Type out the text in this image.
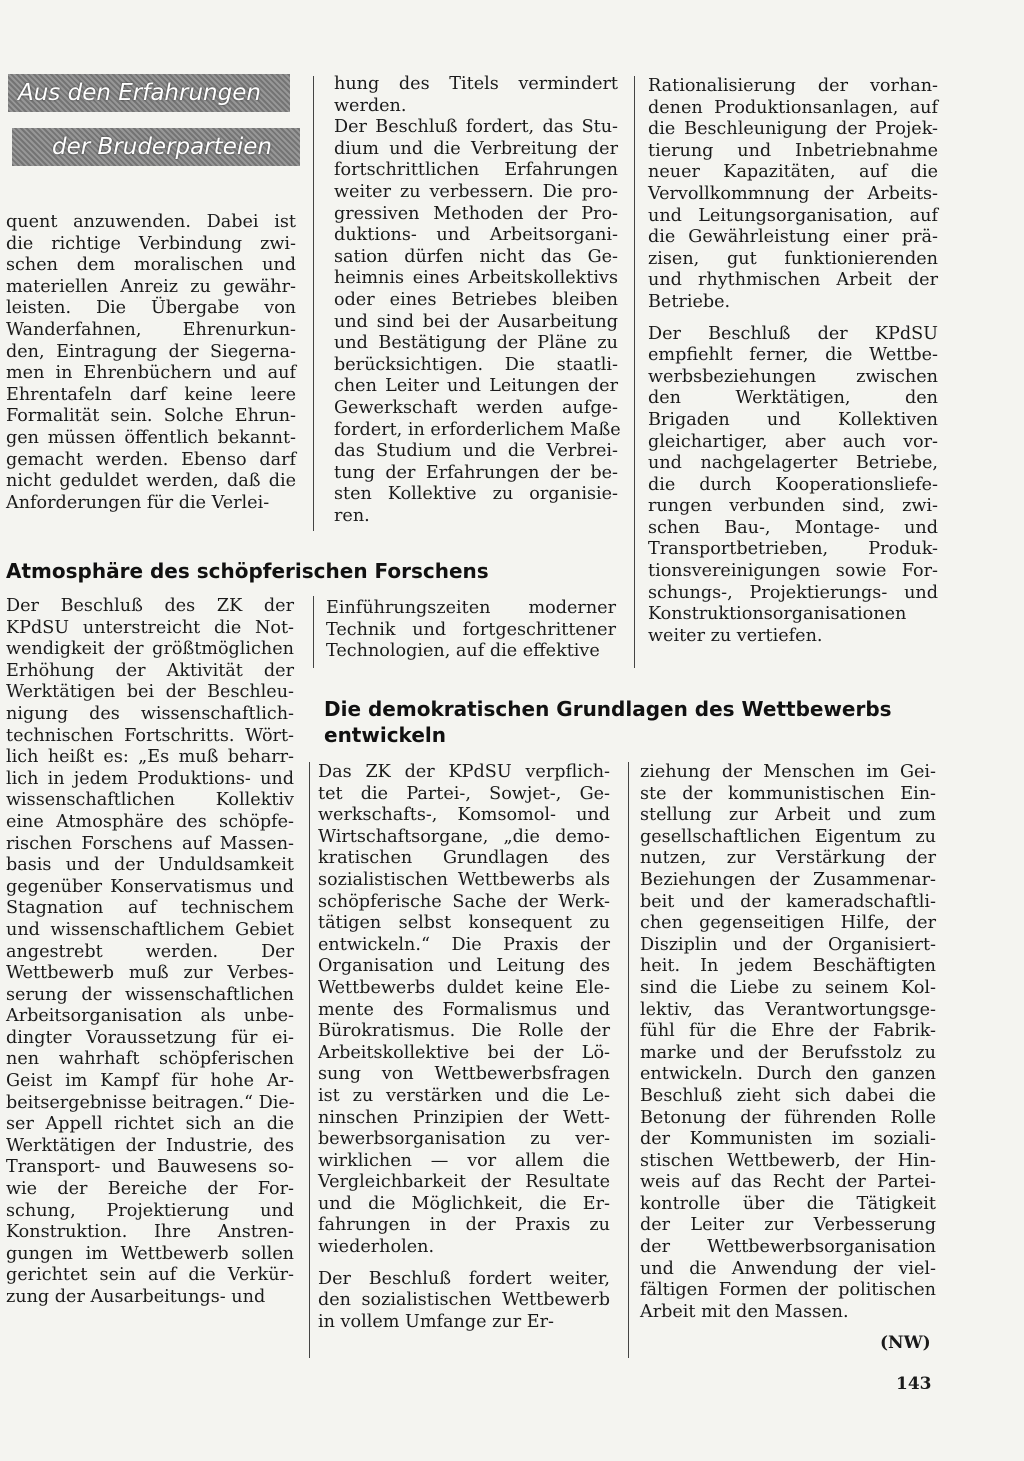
Aus den Erfahrungen
der Bruderparteien

quent anzuwenden. Dabei ist
die richtige Verbindung zwi-
schen dem moralischen und
materiellen Anreiz zu gewähr-
leisten. Die Übergabe von
Wanderfahnen, Ehrenurkun-
den, Eintragung der Siegerna-
men in Ehrenbüchern und auf
Ehrentafeln darf keine leere
Formalität sein. Solche Ehrun-
gen müssen öffentlich bekannt-
gemacht werden. Ebenso darf
nicht geduldet werden, daß die
Anforderungen für die Verlei-

hung des Titels vermindert
werden.

Der Beschluß fordert, das Stu-
dium und die Verbreitung der
fortschrittlichen Erfahrungen
weiter zu verbessern. Die pro-
gressiven Methoden der Pro-
duktions- und Arbeitsorgani-
sation dürfen nicht das Ge-
heimnis eines Arbeitskollektivs
oder eines Betriebes bleiben
und sind bei der Ausarbeitung
und Bestätigung der Pläne zu
berücksichtigen. Die staatli-
chen Leiter und Leitungen der
Gewerkschaft werden aufge-
fordert, in erforderlichem Maße
das Studium und die Verbrei-
tung der Erfahrungen der be-
sten Kollektive zu organisie-
ren.

Rationalisierung der vorhan-
denen Produktionsanlagen, auf
die Beschleunigung der Projek-
tierung und Inbetriebnahme
neuer Kapazitäten, auf die
Vervollkommnung der Arbeits-
und Leitungsorganisation, auf
die Gewährleistung einer prä-
zisen, gut funktionierenden
und rhythmischen Arbeit der
Betriebe.

Der Beschluß der KPdSU
empfiehlt ferner, die Wettbe-
werbsbeziehungen zwischen
den Werktätigen, den
Brigaden und Kollektiven
gleichartiger, aber auch vor-
und nachgelagerter Betriebe,
die durch Kooperationsliefe-
rungen verbunden sind, zwi-
schen Bau-, Montage- und
Transportbetrieben, Produk-
tionsvereinigungen sowie For-
schungs-, Projektierungs- und
Konstruktionsorganisationen
weiter zu vertiefen.

Atmosphäre des schöpferischen Forschens

Der Beschluß des ZK der
KPdSU unterstreicht die Not-
wendigkeit der größtmöglichen
Erhöhung der Aktivität der
Werktätigen bei der Beschleu-
nigung des wissenschaftlich-
technischen Fortschritts. Wört-
lich heißt es: „Es muß beharr-
lich in jedem Produktions- und
wissenschaftlichen Kollektiv
eine Atmosphäre des schöpfe-
rischen Forschens auf Massen-
basis und der Unduldsamkeit
gegenüber Konservatismus und
Stagnation auf technischem
und wissenschaftlichem Gebiet
angestrebt werden. Der
Wettbewerb muß zur Verbes-
serung der wissenschaftlichen
Arbeitsorganisation als unbe-
dingter Voraussetzung für ei-
nen wahrhaft schöpferischen
Geist im Kampf für hohe Ar-
beitsergebnisse beitragen.“ Die-
ser Appell richtet sich an die
Werktätigen der Industrie, des
Transport- und Bauwesens so-
wie der Bereiche der For-
schung, Projektierung und
Konstruktion. Ihre Anstren-
gungen im Wettbewerb sollen
gerichtet sein auf die Verkür-
zung der Ausarbeitungs- und

Einführungszeiten moderner
Technik und fortgeschrittener
Technologien, auf die effektive

Die demokratischen Grundlagen des Wettbewerbs entwickeln

Das ZK der KPdSU verpflich-
tet die Partei-, Sowjet-, Ge-
werkschafts-, Komsomol- und
Wirtschaftsorgane, „die demo-
kratischen Grundlagen des
sozialistischen Wettbewerbs als
schöpferische Sache der Werk-
tätigen selbst konsequent zu
entwickeln.“ Die Praxis der
Organisation und Leitung des
Wettbewerbs duldet keine Ele-
mente des Formalismus und
Bürokratismus. Die Rolle der
Arbeitskollektive bei der Lö-
sung von Wettbewerbsfragen
ist zu verstärken und die Le-
ninschen Prinzipien der Wett-
bewerbsorganisation zu ver-
wirklichen — vor allem die
Vergleichbarkeit der Resultate
und die Möglichkeit, die Er-
fahrungen in der Praxis zu
wiederholen.

Der Beschluß fordert weiter,
den sozialistischen Wettbewerb
in vollem Umfange zur Er-

ziehung der Menschen im Gei-
ste der kommunistischen Ein-
stellung zur Arbeit und zum
gesellschaftlichen Eigentum zu
nutzen, zur Verstärkung der
Beziehungen der Zusammenar-
beit und der kameradschaftli-
chen gegenseitigen Hilfe, der
Disziplin und der Organisiert-
heit. In jedem Beschäftigten
sind die Liebe zu seinem Kol-
lektiv, das Verantwortungsge-
fühl für die Ehre der Fabrik-
marke und der Berufsstolz zu
entwickeln. Durch den ganzen
Beschluß zieht sich dabei die
Betonung der führenden Rolle
der Kommunisten im soziali-
stischen Wettbewerb, der Hin-
weis auf das Recht der Partei-
kontrolle über die Tätigkeit
der Leiter zur Verbesserung
der Wettbewerbsorganisation
und die Anwendung der viel-
fältigen Formen der politischen
Arbeit mit den Massen.

(NW)
143
